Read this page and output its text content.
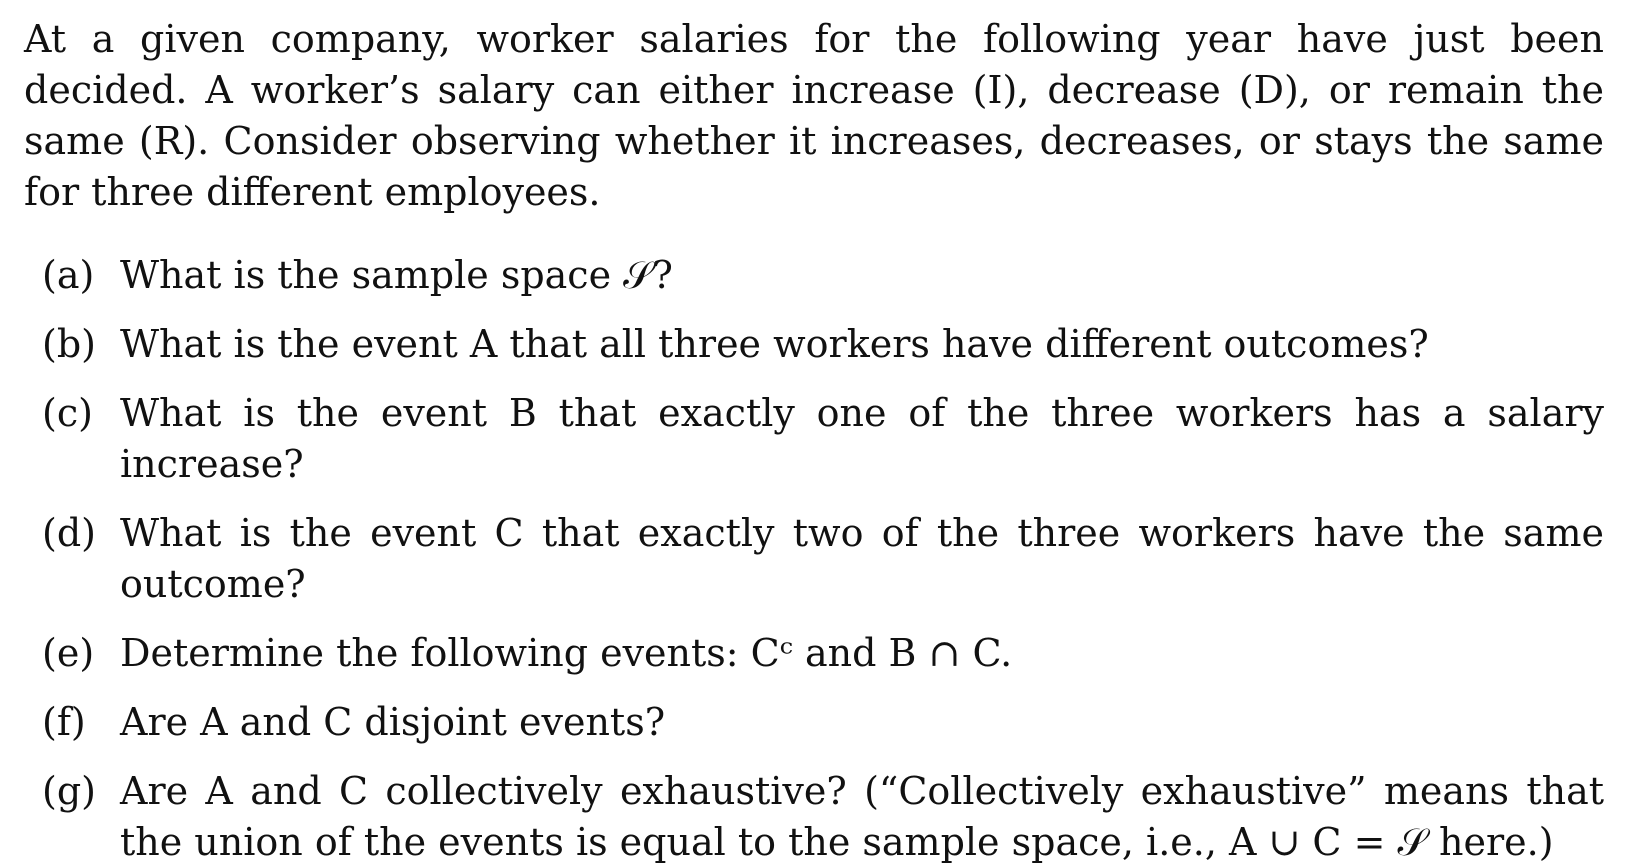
At a given company, worker salaries for the following year have just been decided. A worker’s salary can either increase (I), decrease (D), or remain the same (R). Consider observing whether it increases, decreases, or stays the same for three different employees.

(a) What is the sample space 𝒮?
(b) What is the event A that all three workers have different outcomes?
(c) What is the event B that exactly one of the three workers has a salary increase?
(d) What is the event C that exactly two of the three workers have the same outcome?
(e) Determine the following events: Cᶜ and B ∩ C.
(f) Are A and C disjoint events?
(g) Are A and C collectively exhaustive? (“Collectively exhaustive” means that the union of the events is equal to the sample space, i.e., A ∪ C = 𝒮 here.)
